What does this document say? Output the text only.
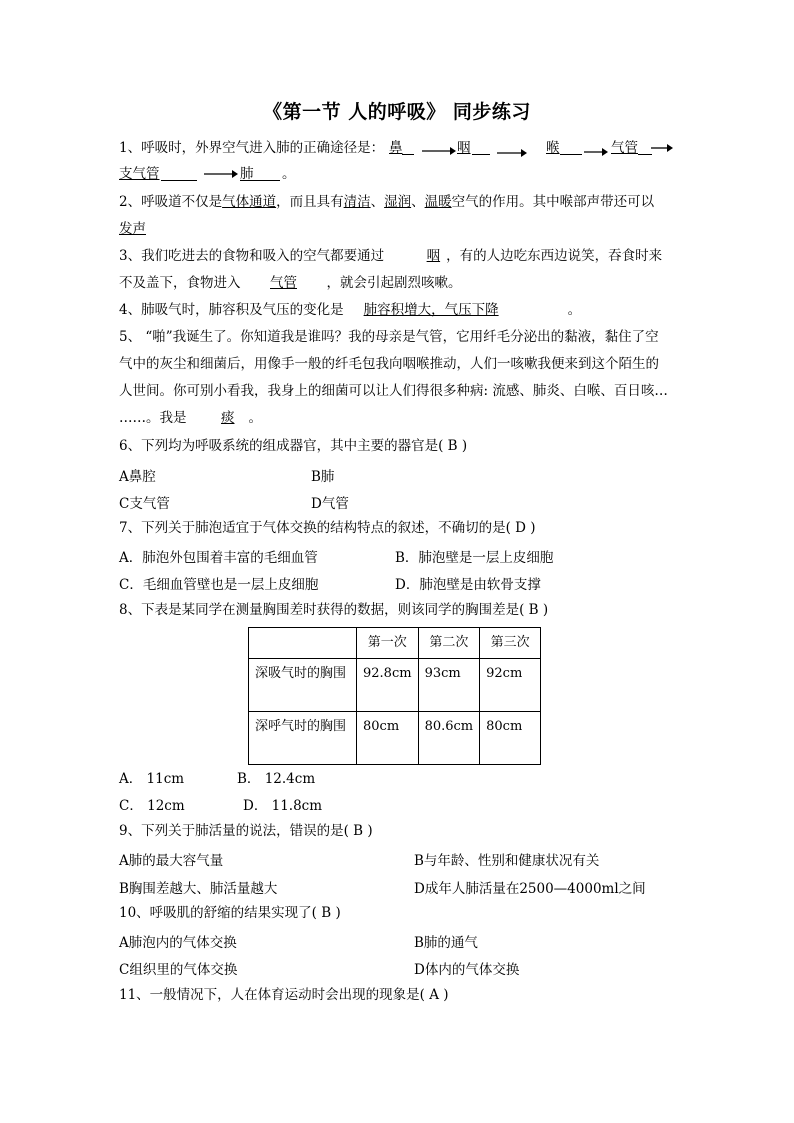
《第一节 人的呼吸》 同步练习
1、呼吸时，外界空气进入肺的正确途径是： 鼻	咽	喉	气管
支气管	肺 。
2、呼吸道不仅是气体通道，而且具有清洁、湿润、温暖空气的作用。其中喉部声带还可以
发声
3、我们吃进去的食物和吸入的空气都要通过	咽 ，有的人边吃东西边说笑，吞食时来
不及盖下，食物进入 气管 ，就会引起剧烈咳嗽。
4、肺吸气时，肺容积及气压的变化是 肺容积增大，气压下降	。
5、 “啪”我诞生了。你知道我是谁吗？我的母亲是气管，它用纤毛分泌出的黏液，黏住了空
气中的灰尘和细菌后，用像手一般的纤毛包我向咽喉推动，人们一咳嗽我便来到这个陌生的
人世间。你可别小看我，我身上的细菌可以让人们得很多种病: 流感、肺炎、白喉、百日咳…
……。我是	痰 。
6、下列均为呼吸系统的组成器官，其中主要的器官是( B )
A鼻腔	B肺
C支气管	D气管
7、下列关于肺泡适宜于气体交换的结构特点的叙述，不确切的是( D )
A．肺泡外包围着丰富的毛细血管	B．肺泡壁是一层上皮细胞
C．毛细血管壁也是一层上皮细胞	D．肺泡壁是由软骨支撑
8、下表是某同学在测量胸围差时获得的数据，则该同学的胸围差是( B )
	第一次	第二次	第三次
深吸气时的胸围	92.8cm	93cm	92cm
深呼气时的胸围	80cm	80.6cm	80cm
A． 11cm	B． 12.4cm
C． 12cm	D． 11.8cm
9、下列关于肺活量的说法，错误的是( B )
A肺的最大容气量	B与年龄、性别和健康状况有关
B胸围差越大、肺活量越大	D成年人肺活量在2500—4000ml之间
10、呼吸肌的舒缩的结果实现了( B )
A肺泡内的气体交换	B肺的通气
C组织里的气体交换	D体内的气体交换
11、一般情况下，人在体育运动时会出现的现象是( A )
